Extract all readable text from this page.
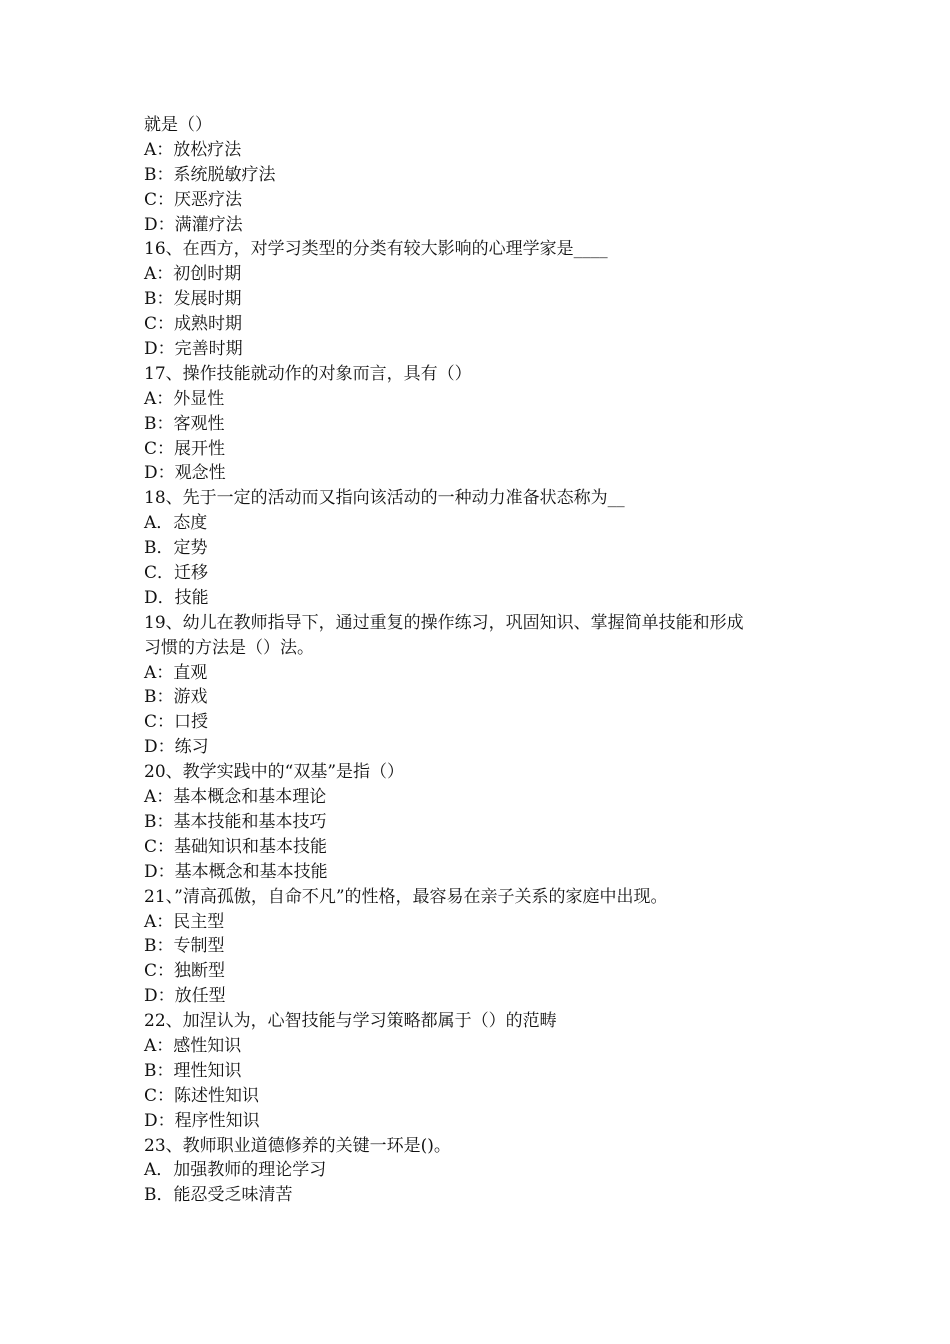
就是（）
A：放松疗法
B：系统脱敏疗法
C：厌恶疗法
D：满灌疗法
16、在西方，对学习类型的分类有较大影响的心理学家是____
A：初创时期
B：发展时期
C：成熟时期
D：完善时期
17、操作技能就动作的对象而言，具有（）
A：外显性
B：客观性
C：展开性
D：观念性
18、先于一定的活动而又指向该活动的一种动力准备状态称为__
A．态度
B．定势
C．迁移
D．技能
19、幼儿在教师指导下，通过重复的操作练习，巩固知识、掌握简单技能和形成
习惯的方法是（）法。
A：直观
B：游戏
C：口授
D：练习
20、教学实践中的“双基”是指（）
A：基本概念和基本理论
B：基本技能和基本技巧
C：基础知识和基本技能
D：基本概念和基本技能
21、”清高孤傲，自命不凡”的性格，最容易在亲子关系的家庭中出现。
A：民主型
B：专制型
C：独断型
D：放任型
22、加涅认为，心智技能与学习策略都属于（）的范畴
A：感性知识
B：理性知识
C：陈述性知识
D：程序性知识
23、教师职业道德修养的关键一环是()。
A．加强教师的理论学习
B．能忍受乏味清苦
